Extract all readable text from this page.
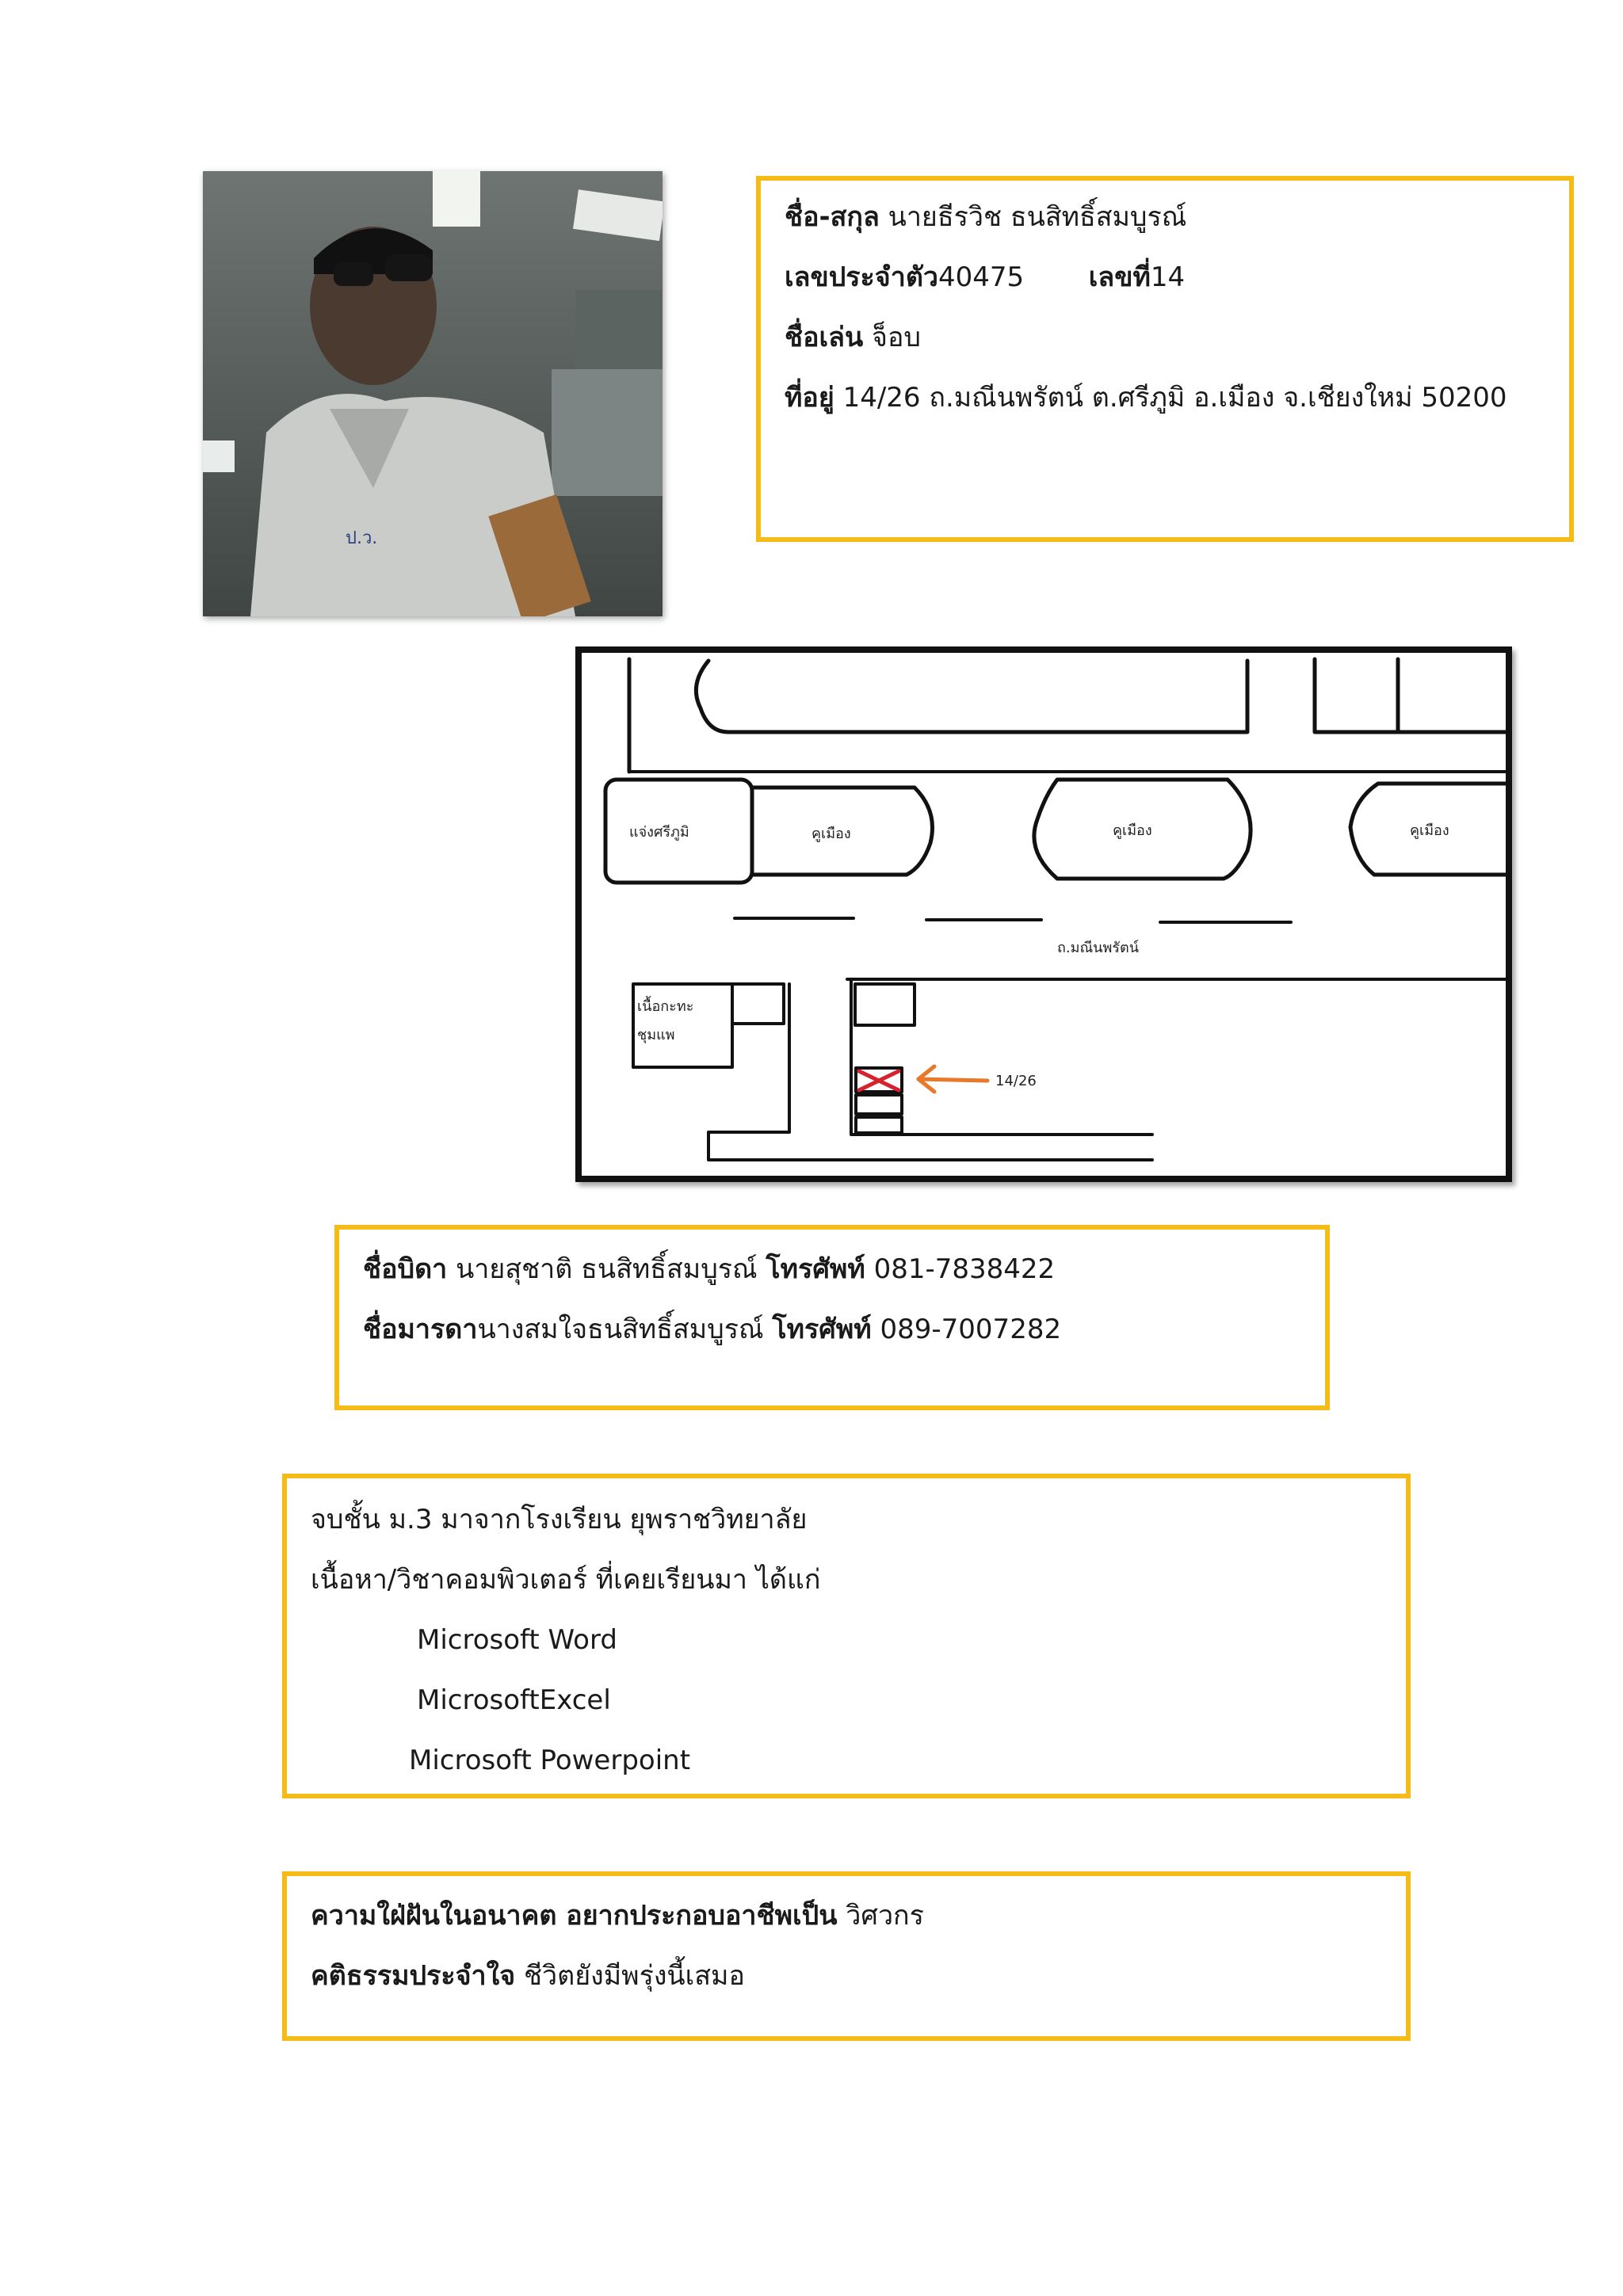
ป.ว.
ชื่อ-สกุล นายธีรวิช ธนสิทธิ์สมบูรณ์
เลขประจำตัว40475 เลขที่14
ชื่อเล่น จ็อบ
ที่อยู่ 14/26 ถ.มณีนพรัตน์ ต.ศรีภูมิ อ.เมือง จ.เชียงใหม่ 50200
แจ่งศรีภูมิ	คูเมือง	คูเมือง	คูเมือง
ถ.มณีนพรัตน์
เนื้อกะทะ
ชุมแพ
14/26
ชื่อบิดา นายสุชาติ ธนสิทธิ์สมบูรณ์ โทรศัพท์ 081-7838422
ชื่อมารดานางสมใจธนสิทธิ์สมบูรณ์ โทรศัพท์ 089-7007282
จบชั้น ม.3 มาจากโรงเรียน ยุพราชวิทยาลัย
เนื้อหา/วิชาคอมพิวเตอร์ ที่เคยเรียนมา ได้แก่
Microsoft Word
MicrosoftExcel
Microsoft Powerpoint
ความใฝ่ฝันในอนาคต อยากประกอบอาชีพเป็น วิศวกร
คติธรรมประจำใจ ชีวิตยังมีพรุ่งนี้เสมอ
